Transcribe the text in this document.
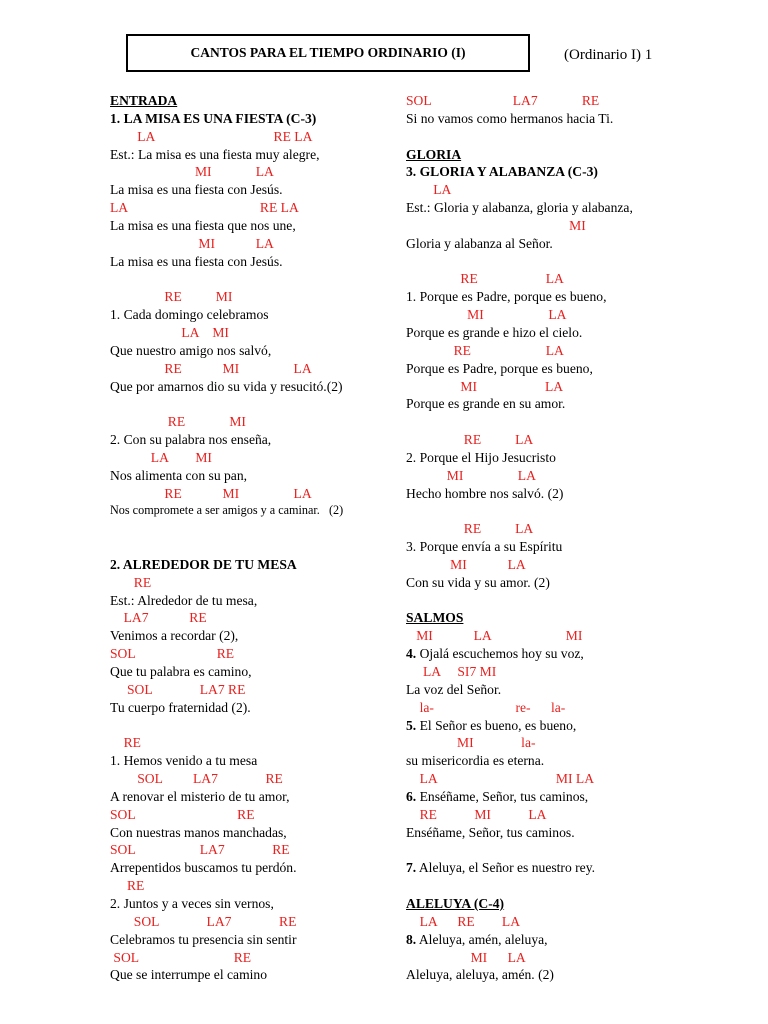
CANTOS PARA EL TIEMPO ORDINARIO (I)	(Ordinario I) 1
ENTRADA
1. LA MISA ES UNA FIESTA (C-3)
LA                                   RE LA
Est.: La misa es una fiesta muy alegre,
MI             LA
La misa es una fiesta con Jesús.
LA                                       RE LA
La misa es una fiesta que nos une,
MI            LA
La misa es una fiesta con Jesús.
RE          MI
1. Cada domingo celebramos
LA    MI
Que nuestro amigo nos salvó,
RE            MI                LA
Que por amarnos dio su vida y resucitó.(2)
RE             MI
2. Con su palabra nos enseña,
LA        MI
Nos alimenta con su pan,
RE            MI                LA
Nos compromete a ser amigos y a caminar.   (2)
2. ALREDEDOR DE TU MESA
RE
Est.: Alrededor de tu mesa,
LA7            RE
Venimos a recordar (2),
SOL                        RE
Que tu palabra es camino,
SOL              LA7 RE
Tu cuerpo fraternidad (2).
RE
1. Hemos venido a tu mesa
SOL         LA7              RE
A renovar el misterio de tu amor,
SOL                              RE
Con nuestras manos manchadas,
SOL                   LA7              RE
Arrepentidos buscamos tu perdón.
RE
2. Juntos y a veces sin vernos,
SOL              LA7              RE
Celebramos tu presencia sin sentir
SOL                            RE
Que se interrumpe el camino
SOL                        LA7             RE
Si no vamos como hermanos hacia Ti.
GLORIA
3. GLORIA Y ALABANZA (C-3)
LA
Est.: Gloria y alabanza, gloria y alabanza,
MI
Gloria y alabanza al Señor.
RE                    LA
1. Porque es Padre, porque es bueno,
MI                   LA
Porque es grande e hizo el cielo.
RE                      LA
Porque es Padre, porque es bueno,
MI                    LA
Porque es grande en su amor.
RE          LA
2. Porque el Hijo Jesucristo
MI                LA
Hecho hombre nos salvó. (2)
RE          LA
3. Porque envía a su Espíritu
MI            LA
Con su vida y su amor. (2)
SALMOS
MI            LA                      MI
4. Ojalá escuchemos hoy su voz,
LA     SI7 MI
La voz del Señor.
la-                        re-      la-
5. El Señor es bueno, es bueno,
MI              la-
su misericordia es eterna.
LA                                   MI LA
6. Enséñame, Señor, tus caminos,
RE           MI           LA
Enséñame, Señor, tus caminos.
7. Aleluya, el Señor es nuestro rey.
ALELUYA (C-4)
LA      RE        LA
8. Aleluya, amén, aleluya,
MI      LA
Aleluya, aleluya, amén. (2)
